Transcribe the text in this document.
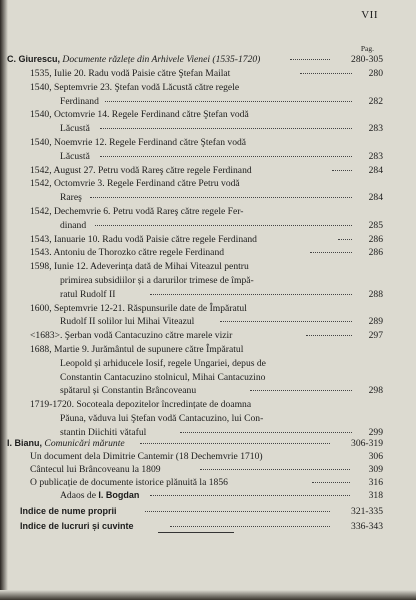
VII
Pag.
C. Giurescu, Documente răzlețe din Arhivele Vienei (1535-1720)	280-305
1535, Iulie 20. Radu vodă Paisie către Ştefan Mailat	280
1540, Septemvrie 23. Ştefan vodă Lăcustă către regele
Ferdinand	282
1540, Octomvrie 14. Regele Ferdinand către Ştefan vodă
Lăcustă	283
1540, Noemvrie 12. Regele Ferdinand către Ştefan vodă
Lăcustă	283
1542, August 27. Petru vodă Rareş către regele Ferdinand	284
1542, Octomvrie 3. Regele Ferdinand către Petru vodă
Rareş	284
1542, Dechemvrie 6. Petru vodă Rareş către regele Fer-
dinand	285
1543, Ianuarie 10. Radu vodă Paisie către regele Ferdinand	286
1543. Antoniu de Thorozko către regele Ferdinand	286
1598, Iunie 12. Adeverința dată de Mihai Viteazul pentru
primirea subsidiilor și a darurilor trimese de împă-
ratul Rudolf II	288
1600, Septemvrie 12-21. Răspunsurile date de Împăratul
Rudolf II solilor lui Mihai Viteazul	289
<1683>. Şerban vodă Cantacuzino către marele vizir	297
1688, Martie 9. Jurământul de supunere către Împăratul
Leopold și arhiducele Iosif, regele Ungariei, depus de
Constantin Cantacuzino stolnicul, Mihai Cantacuzino
spătarul și Constantin Brâncoveanu	298
1719-1720. Socoteala depozitelor încredințate de doamna
Păuna, văduva lui Ştefan vodă Cantacuzino, lui Con-
stantin Diichiti vătaful	299
I. Bianu, Comunicări mărunte	306-319
Un document dela Dimitrie Cantemir (18 Dechemvrie 1710)	306
Cântecul lui Brâncoveanu la 1809	309
O publicație de documente istorice plănuită la 1856	316
Adaos de I. Bogdan	318
Indice de nume proprii	321-335
Indice de lucruri și cuvinte	336-343
